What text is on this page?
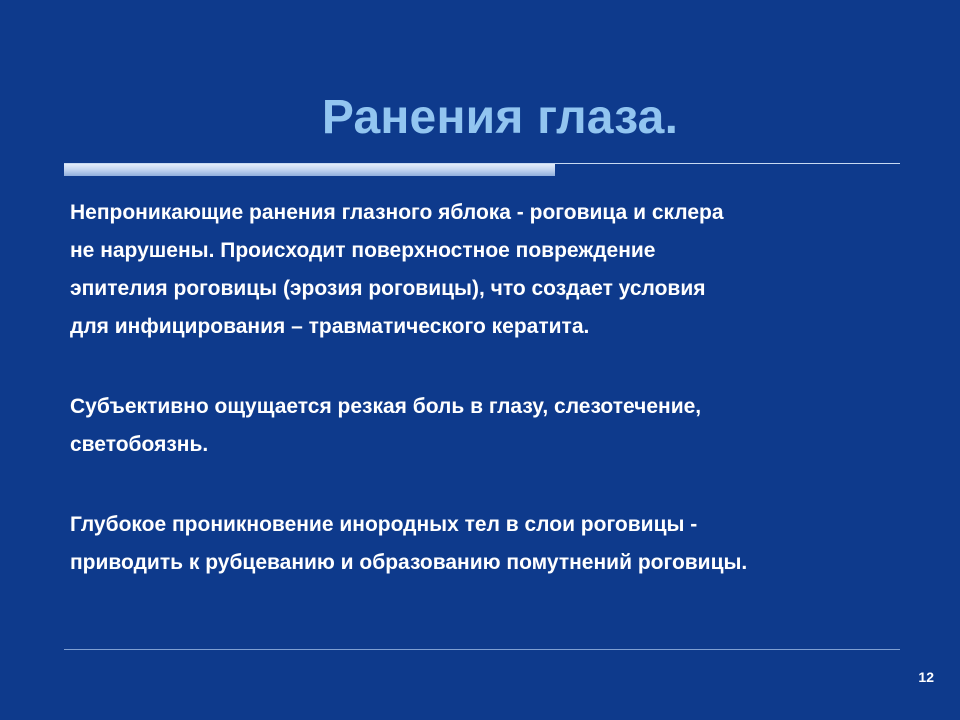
Ранения глаза.

Непроникающие ранения глазного яблока - роговица и склера
не нарушены. Происходит поверхностное повреждение
эпителия роговицы (эрозия роговицы), что создает условия
для инфицирования – травматического кератита.

Субъективно ощущается резкая боль в глазу, слезотечение,
светобоязнь.

Глубокое проникновение инородных тел в слои роговицы -
приводить к рубцеванию и образованию помутнений роговицы.

12
